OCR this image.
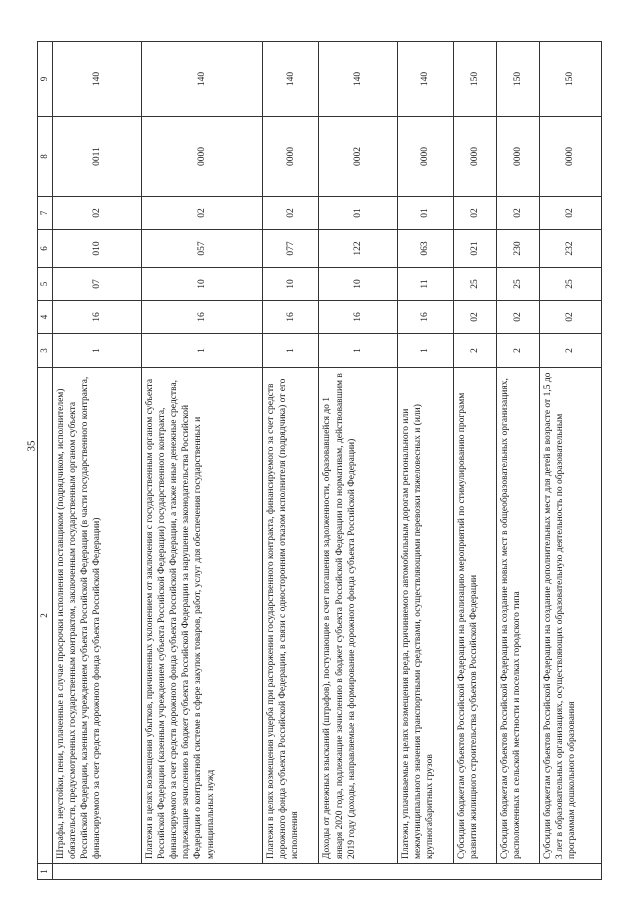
35
1	2	3	4	5	6	7	8	9
	Штрафы, неустойки, пени, уплаченные в случае просрочки исполнения поставщиком (подрядчиком, исполнителем) обязательств, предусмотренных государственным контрактом, заключенным государственным органом субъекта Российской Федерации, казенным учреждением субъекта Российской Федерации (в части государственного контракта, финансируемого за счет средств дорожного фонда субъекта Российской Федерации)	1	16	07	010	02	0011	140
	Платежи в целях возмещения убытков, причиненных уклонением от заключения с государственным органом субъекта Российской Федерации (казенным учреждением субъекта Российской Федерации) государственного контракта, финансируемого за счет средств дорожного фонда субъекта Российской Федерации, а также иные денежные средства, подлежащие зачислению в бюджет субъекта Российской Федерации за нарушение законодательства Российской Федерации о контрактной системе в сфере закупок товаров, работ, услуг для обеспечения государственных и муниципальных нужд	1	16	10	057	02	0000	140
	Платежи в целях возмещения ущерба при расторжении государственного контракта, финансируемого за счет средств дорожного фонда субъекта Российской Федерации, в связи с односторонним отказом исполнителя (подрядчика) от его исполнения	1	16	10	077	02	0000	140
	Доходы от денежных взысканий (штрафов), поступающие в счет погашения задолженности, образовавшейся до 1 января 2020 года, подлежащие зачислению в бюджет субъекта Российской Федерации по нормативам, действовавшим в 2019 году (доходы, направляемые на формирование дорожного фонда субъекта Российской Федерации)	1	16	10	122	01	0002	140
	Платежи, уплачиваемые в целях возмещения вреда, причиняемого автомобильным дорогам регионального или межмуниципального значения транспортными средствами, осуществляющими перевозки тяжеловесных и (или) крупногабаритных грузов	1	16	11	063	01	0000	140
	Субсидии бюджетам субъектов Российской Федерации на реализацию мероприятий по стимулированию программ развития жилищного строительства субъектов Российской Федерации	2	02	25	021	02	0000	150
	Субсидии бюджетам субъектов Российской Федерации на создание новых мест в общеобразовательных организациях, расположенных в сельской местности и поселках городского типа	2	02	25	230	02	0000	150
	Субсидии бюджетам субъектов Российской Федерации на создание дополнительных мест для детей в возрасте от 1,5 до 3 лет в образовательных организациях, осуществляющих образовательную деятельность по образовательным программам дошкольного образования	2	02	25	232	02	0000	150
